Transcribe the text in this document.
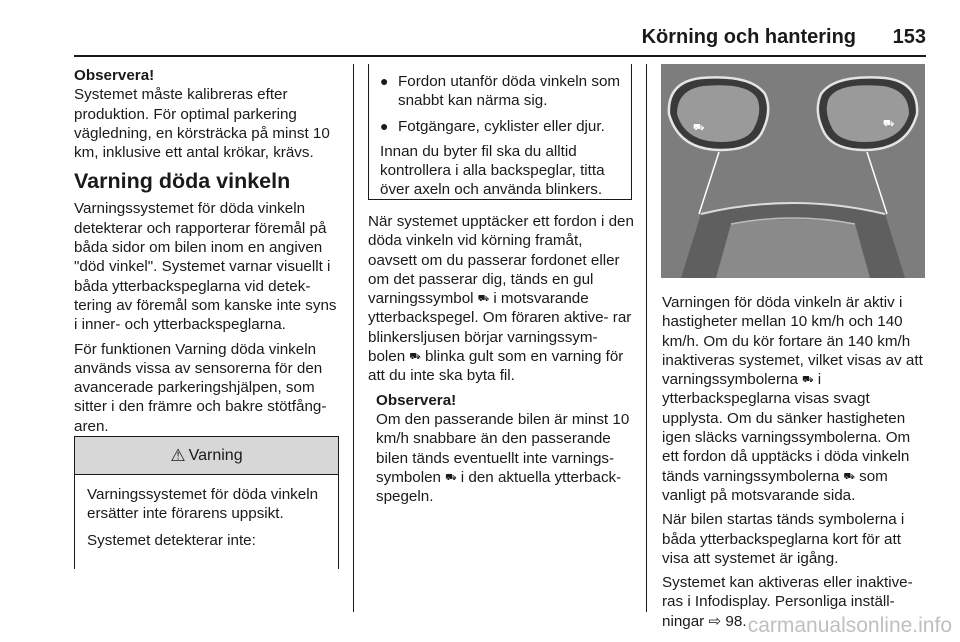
Körning och hantering 153
Observera!

Systemet måste kalibreras efter produktion. För optimal parkering vägledning, en körsträcka på minst 10 km, inklusive ett antal krökar, krävs.

Varning döda vinkeln

Varningssystemet för döda vinkeln detekterar och rapporterar föremål på båda sidor om bilen inom en angiven "död vinkel". Systemet varnar visuellt i båda ytterbackspeglarna vid detek- tering av föremål som kanske inte syns i inner- och ytterbackspeglarna.

För funktionen Varning döda vinkeln används vissa av sensorerna för den avancerade parkeringshjälpen, som sitter i den främre och bakre stötfång- aren.

⚠ Varning

Varningssystemet för döda vinkeln ersätter inte förarens uppsikt.

Systemet detekterar inte:

● Fordon utanför döda vinkeln som snabbt kan närma sig.
● Fotgängare, cyklister eller djur.

Innan du byter fil ska du alltid kontrollera i alla backspeglar, titta över axeln och använda blinkers.

När systemet upptäcker ett fordon i den döda vinkeln vid körning framåt, oavsett om du passerar fordonet eller om det passerar dig, tänds en gul varningssymbol ⛟ i motsvarande ytterbackspegel. Om föraren aktive- rar blinkersljusen börjar varningssym- bolen ⛟ blinka gult som en varning för att du inte ska byta fil.

Observera!

Om den passerande bilen är minst 10 km/h snabbare än den passerande bilen tänds eventuellt inte varnings- symbolen ⛟ i den aktuella ytterback- spegeln.

⛟	⛟

Varningen för döda vinkeln är aktiv i hastigheter mellan 10 km/h och 140 km/h. Om du kör fortare än 140 km/h inaktiveras systemet, vilket visas av att varningssymbolerna ⛟ i ytterbackspeglarna visas svagt upplysta. Om du sänker hastigheten igen släcks varningssymbolerna. Om ett fordon då upptäcks i döda vinkeln tänds varningssymbolerna ⛟ som vanligt på motsvarande sida.

När bilen startas tänds symbolerna i båda ytterbackspeglarna kort för att visa att systemet är igång.

Systemet kan aktiveras eller inaktive- ras i Infodisplay. Personliga inställ- ningar ⇨ 98. carmanualsonline.info
